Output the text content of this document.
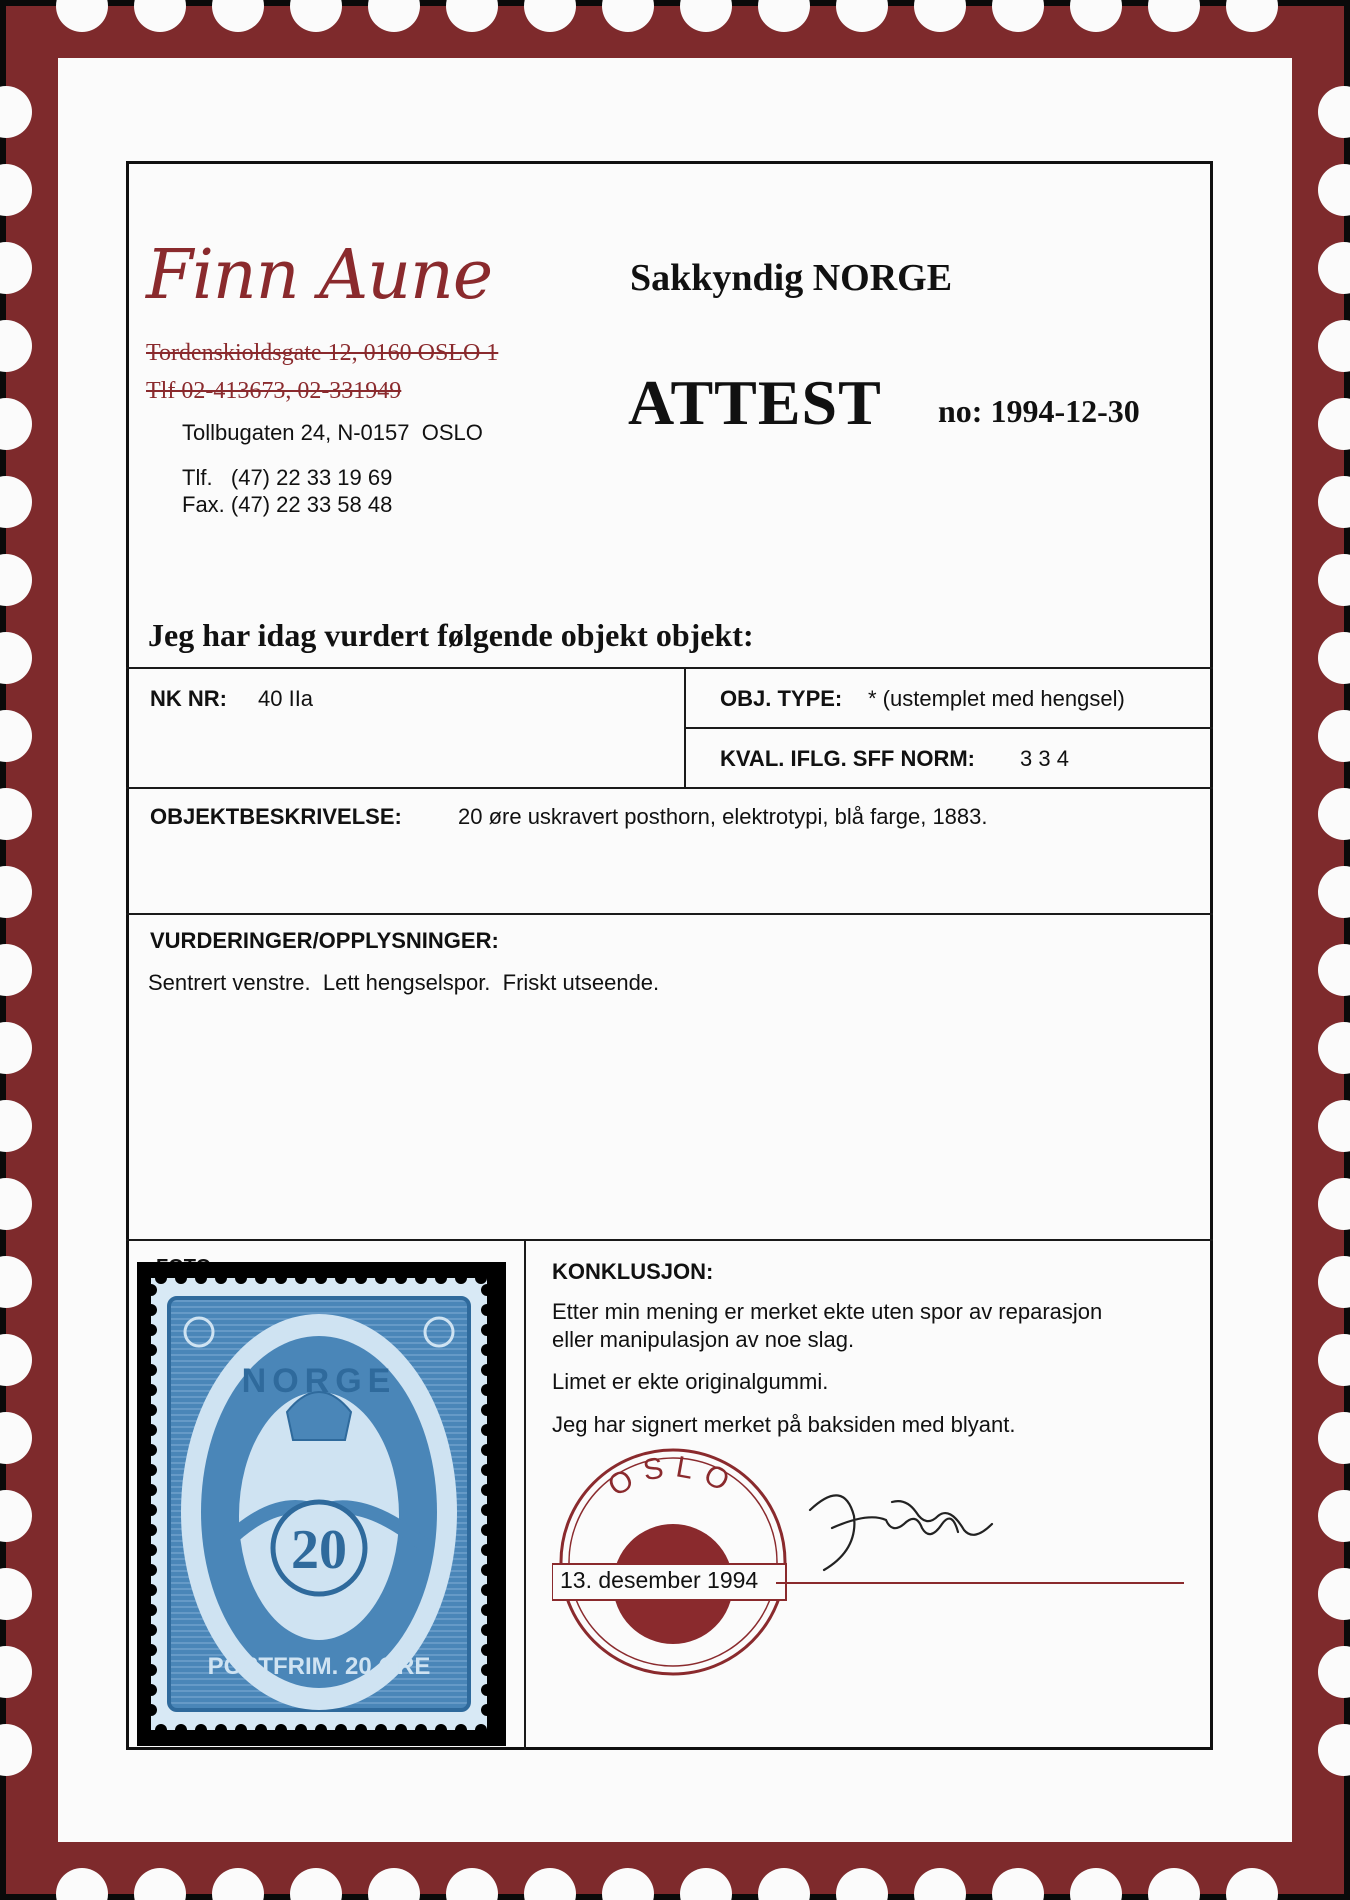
Finn Aune
Tordenskioldsgate 12, 0160 OSLO 1
Tlf 02-413673, 02-331949
Tollbugaten 24, N-0157  OSLO
Tlf.   (47) 22 33 19 69
Fax. (47) 22 33 58 48
Sakkyndig NORGE
ATTEST no: 1994-12-30
Jeg har idag vurdert følgende objekt objekt:
NK NR: 40 IIa	OBJ. TYPE: * (ustemplet med hengsel)
KVAL. IFLG. SFF NORM: 3 3 4
OBJEKTBESKRIVELSE:	20 øre uskravert posthorn, elektrotypi, blå farge, 1883.
VURDERINGER/OPPLYSNINGER:
Sentrert venstre.  Lett hengselspor.  Friskt utseende.
20
NORGE
POSTFRIM. 20 ØRE
KONKLUSJON:
Etter min mening er merket ekte uten spor av reparasjon
eller manipulasjon av noe slag.
Limet er ekte originalgummi.
Jeg har signert merket på baksiden med blyant.
OSLO
13. desember 1994
